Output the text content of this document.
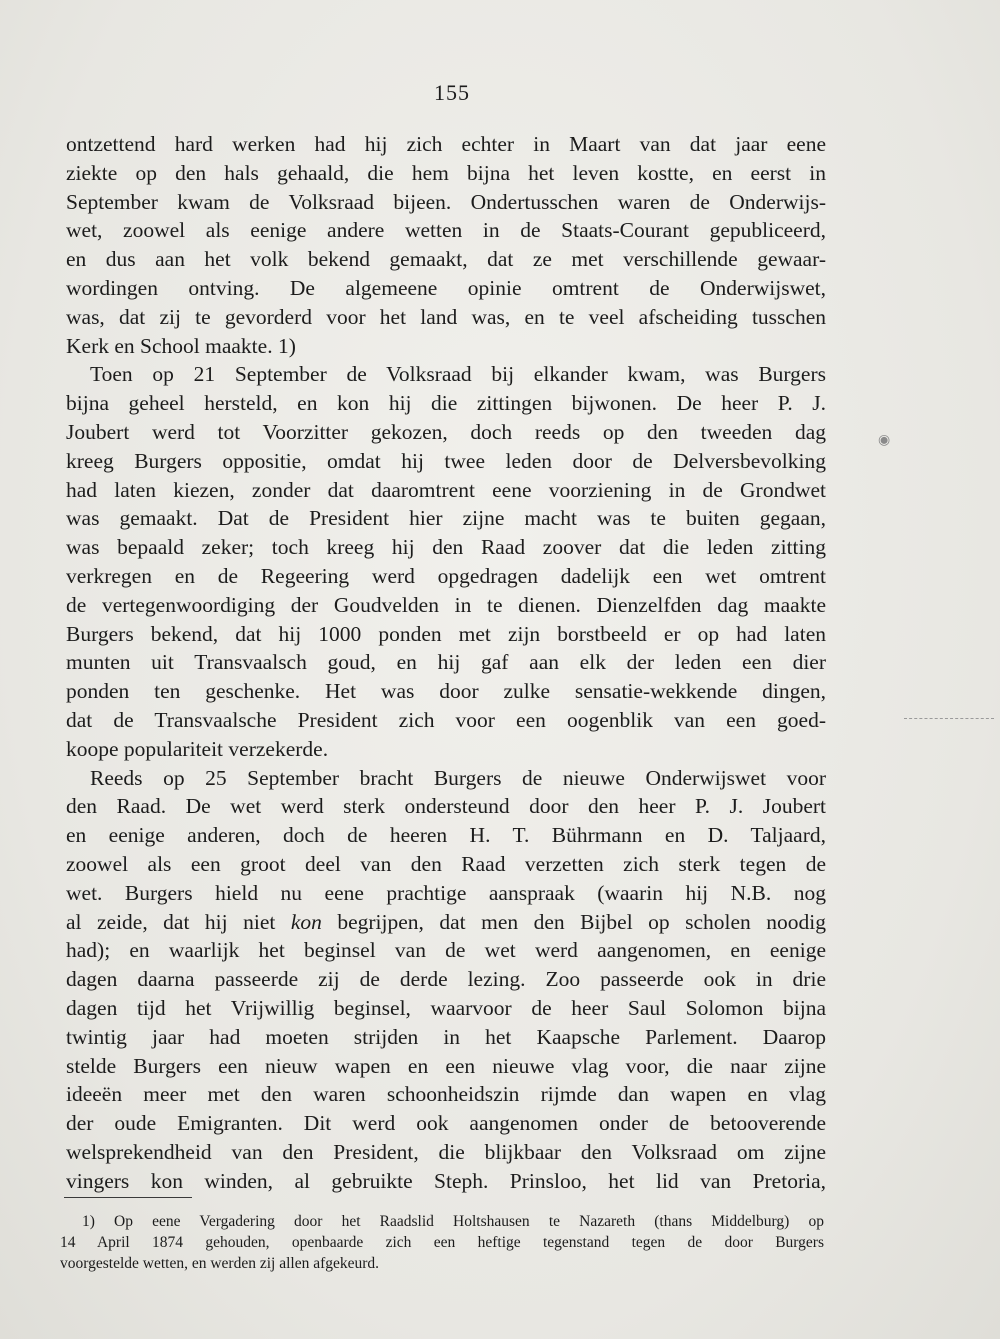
155
ontzettend hard werken had hij zich echter in Maart van dat jaar eene
ziekte op den hals gehaald, die hem bijna het leven kostte, en eerst in
September kwam de Volksraad bijeen. Ondertusschen waren de Onderwijs-
wet, zoowel als eenige andere wetten in de Staats-Courant gepubliceerd,
en dus aan het volk bekend gemaakt, dat ze met verschillende gewaar-
wordingen ontving. De algemeene opinie omtrent de Onderwijswet,
was, dat zij te gevorderd voor het land was, en te veel afscheiding tusschen
Kerk en School maakte. 1)
Toen op 21 September de Volksraad bij elkander kwam, was Burgers
bijna geheel hersteld, en kon hij die zittingen bijwonen. De heer P. J.
Joubert werd tot Voorzitter gekozen, doch reeds op den tweeden dag
kreeg Burgers oppositie, omdat hij twee leden door de Delversbevolking
had laten kiezen, zonder dat daaromtrent eene voorziening in de Grondwet
was gemaakt. Dat de President hier zijne macht was te buiten gegaan,
was bepaald zeker; toch kreeg hij den Raad zoover dat die leden zitting
verkregen en de Regeering werd opgedragen dadelijk een wet omtrent
de vertegenwoordiging der Goudvelden in te dienen. Dienzelfden dag maakte
Burgers bekend, dat hij 1000 ponden met zijn borstbeeld er op had laten
munten uit Transvaalsch goud, en hij gaf aan elk der leden een dier
ponden ten geschenke. Het was door zulke sensatie-wekkende dingen,
dat de Transvaalsche President zich voor een oogenblik van een goed-
koope populariteit verzekerde.
Reeds op 25 September bracht Burgers de nieuwe Onderwijswet voor
den Raad. De wet werd sterk ondersteund door den heer P. J. Joubert
en eenige anderen, doch de heeren H. T. Bührmann en D. Taljaard,
zoowel als een groot deel van den Raad verzetten zich sterk tegen de
wet. Burgers hield nu eene prachtige aanspraak (waarin hij N.B. nog
al zeide, dat hij niet kon begrijpen, dat men den Bijbel op scholen noodig
had); en waarlijk het beginsel van de wet werd aangenomen, en eenige
dagen daarna passeerde zij de derde lezing. Zoo passeerde ook in drie
dagen tijd het Vrijwillig beginsel, waarvoor de heer Saul Solomon bijna
twintig jaar had moeten strijden in het Kaapsche Parlement. Daarop
stelde Burgers een nieuw wapen en een nieuwe vlag voor, die naar zijne
ideeën meer met den waren schoonheidszin rijmde dan wapen en vlag
der oude Emigranten. Dit werd ook aangenomen onder de betooverende
welsprekendheid van den President, die blijkbaar den Volksraad om zijne
vingers kon winden, al gebruikte Steph. Prinsloo, het lid van Pretoria,
1) Op eene Vergadering door het Raadslid Holtshausen te Nazareth (thans Middelburg) op
14 April 1874 gehouden, openbaarde zich een heftige tegenstand tegen de door Burgers
voorgestelde wetten, en werden zij allen afgekeurd.
◉
